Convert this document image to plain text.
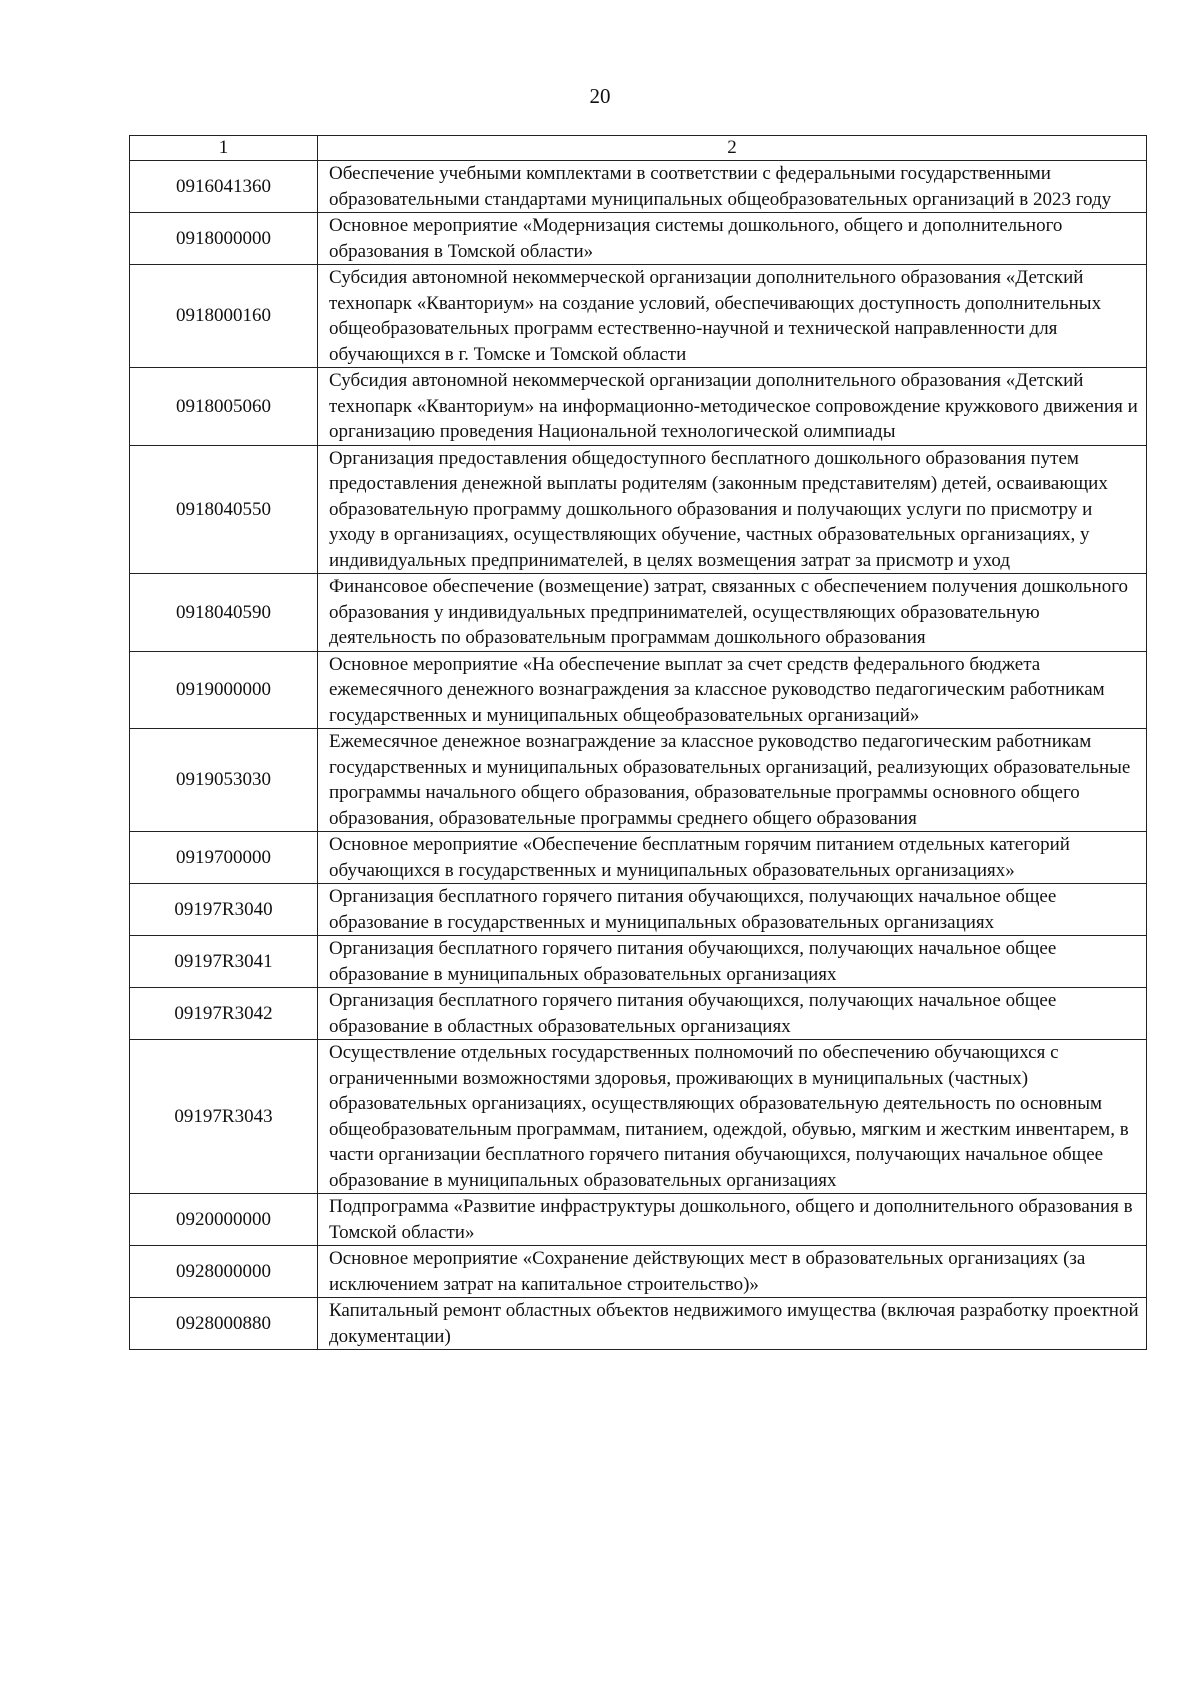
20
1	2
0916041360	Обеспечение учебными комплектами в соответствии с федеральными государственными образовательными стандартами муниципальных общеобразовательных организаций в 2023 году
0918000000	Основное мероприятие «Модернизация системы дошкольного, общего и дополнительного образования в Томской области»
0918000160	Субсидия автономной некоммерческой организации дополнительного образования «Детский технопарк «Кванториум» на создание условий, обеспечивающих доступность дополнительных общеобразовательных программ естественно-научной и технической направленности для обучающихся в г. Томске и Томской области
0918005060	Субсидия автономной некоммерческой организации дополнительного образования «Детский технопарк «Кванториум» на информационно-методическое сопровождение кружкового движения и организацию проведения Национальной технологической олимпиады
0918040550	Организация предоставления общедоступного бесплатного дошкольного образования путем предоставления денежной выплаты родителям (законным представителям) детей, осваивающих образовательную программу дошкольного образования и получающих услуги по присмотру и уходу в организациях, осуществляющих обучение, частных образовательных организациях, у индивидуальных предпринимателей, в целях возмещения затрат за присмотр и уход
0918040590	Финансовое обеспечение (возмещение) затрат, связанных с обеспечением получения дошкольного образования у индивидуальных предпринимателей, осуществляющих образовательную деятельность по образовательным программам дошкольного образования
0919000000	Основное мероприятие «На обеспечение выплат за счет средств федерального бюджета ежемесячного денежного вознаграждения за классное руководство педагогическим работникам государственных и муниципальных общеобразовательных организаций»
0919053030	Ежемесячное денежное вознаграждение за классное руководство педагогическим работникам государственных и муниципальных образовательных организаций, реализующих образовательные программы начального общего образования, образовательные программы основного общего образования, образовательные программы среднего общего образования
0919700000	Основное мероприятие «Обеспечение бесплатным горячим питанием отдельных категорий обучающихся в государственных и муниципальных образовательных организациях»
09197R3040	Организация бесплатного горячего питания обучающихся, получающих начальное общее образование в государственных и муниципальных образовательных организациях
09197R3041	Организация бесплатного горячего питания обучающихся, получающих начальное общее образование в муниципальных образовательных организациях
09197R3042	Организация бесплатного горячего питания обучающихся, получающих начальное общее образование в областных образовательных организациях
09197R3043	Осуществление отдельных государственных полномочий по обеспечению обучающихся с ограниченными возможностями здоровья, проживающих в муниципальных (частных) образовательных организациях, осуществляющих образовательную деятельность по основным общеобразовательным программам, питанием, одеждой, обувью, мягким и жестким инвентарем, в части организации бесплатного горячего питания обучающихся, получающих начальное общее образование в муниципальных образовательных организациях
0920000000	Подпрограмма «Развитие инфраструктуры дошкольного, общего и дополнительного образования в Томской области»
0928000000	Основное мероприятие «Сохранение действующих мест в образовательных организациях (за исключением затрат на капитальное строительство)»
0928000880	Капитальный ремонт областных объектов недвижимого имущества (включая разработку проектной документации)
